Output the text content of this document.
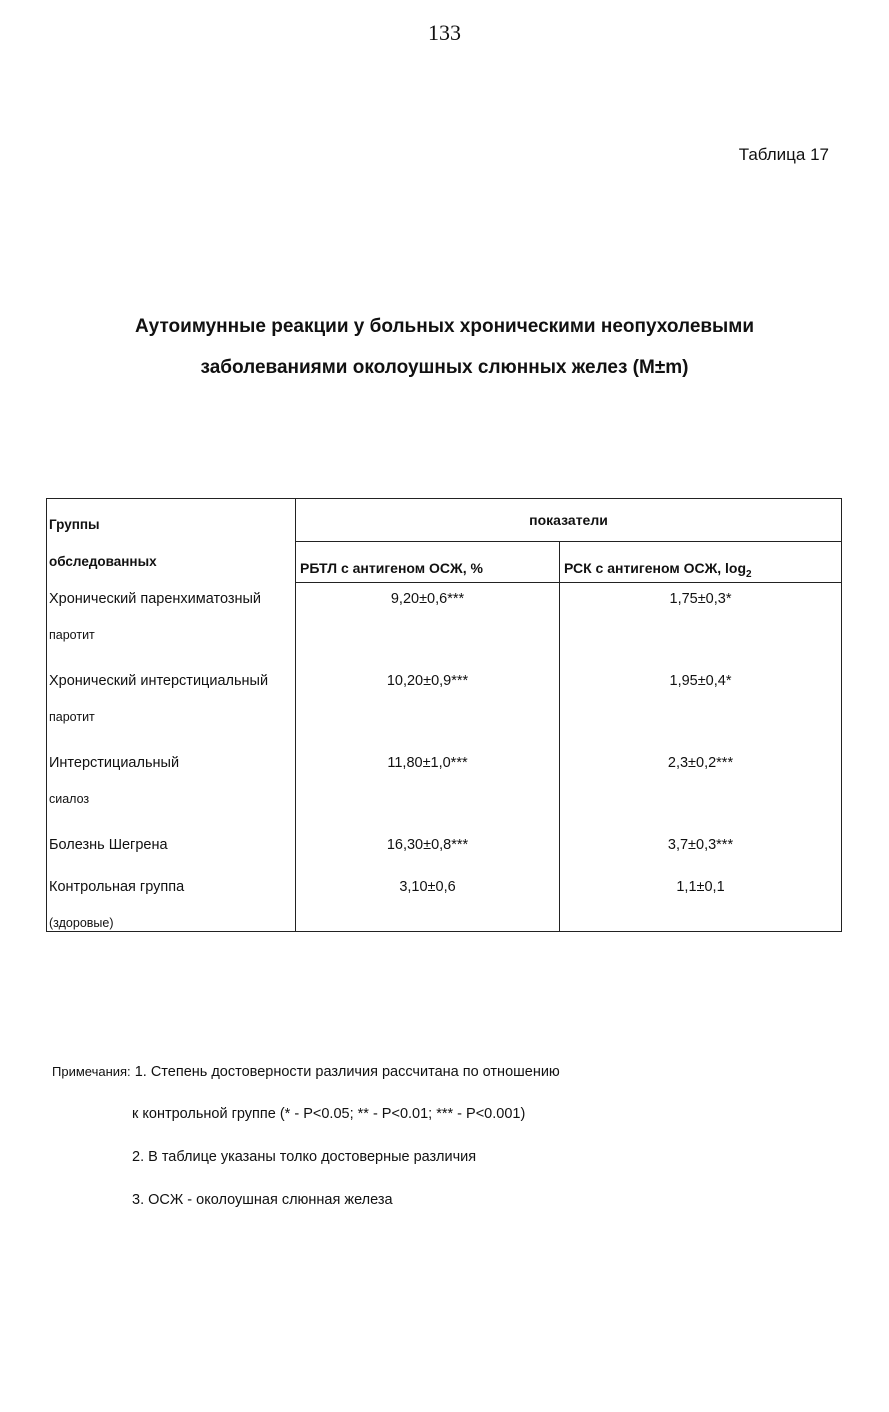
133
Таблица 17
Аутоимунные реакции у больных хроническими неопухолевыми
заболеваниями околоушных слюнных желез (M±m)
Группы
обследованных	показатели	

	РБТЛ с антигеном ОСЖ, %	РСК с антигеном ОСЖ, $\log_2$

Хронический паренхиматозный
паротит	9,20±0,6***	1,75±0,3*

Хронический интерстициальный
паротит	10,20±0,9***	1,95±0,4*

Интерстициальный
сиалоз	11,80±1,0***	2,3±0,2***

Болезнь Шегрена	16,30±0,8***	3,7±0,3***

Контрольная группа
(здоровые)	3,10±0,6	1,1±0,1
Примечания: 1. Степень достоверности различия рассчитана по отношению
к контрольной группе (* - P<0.05; ** - P<0.01; *** - P<0.001)
2. В таблице указаны толко достоверные различия
3. ОСЖ - околоушная слюнная железа
